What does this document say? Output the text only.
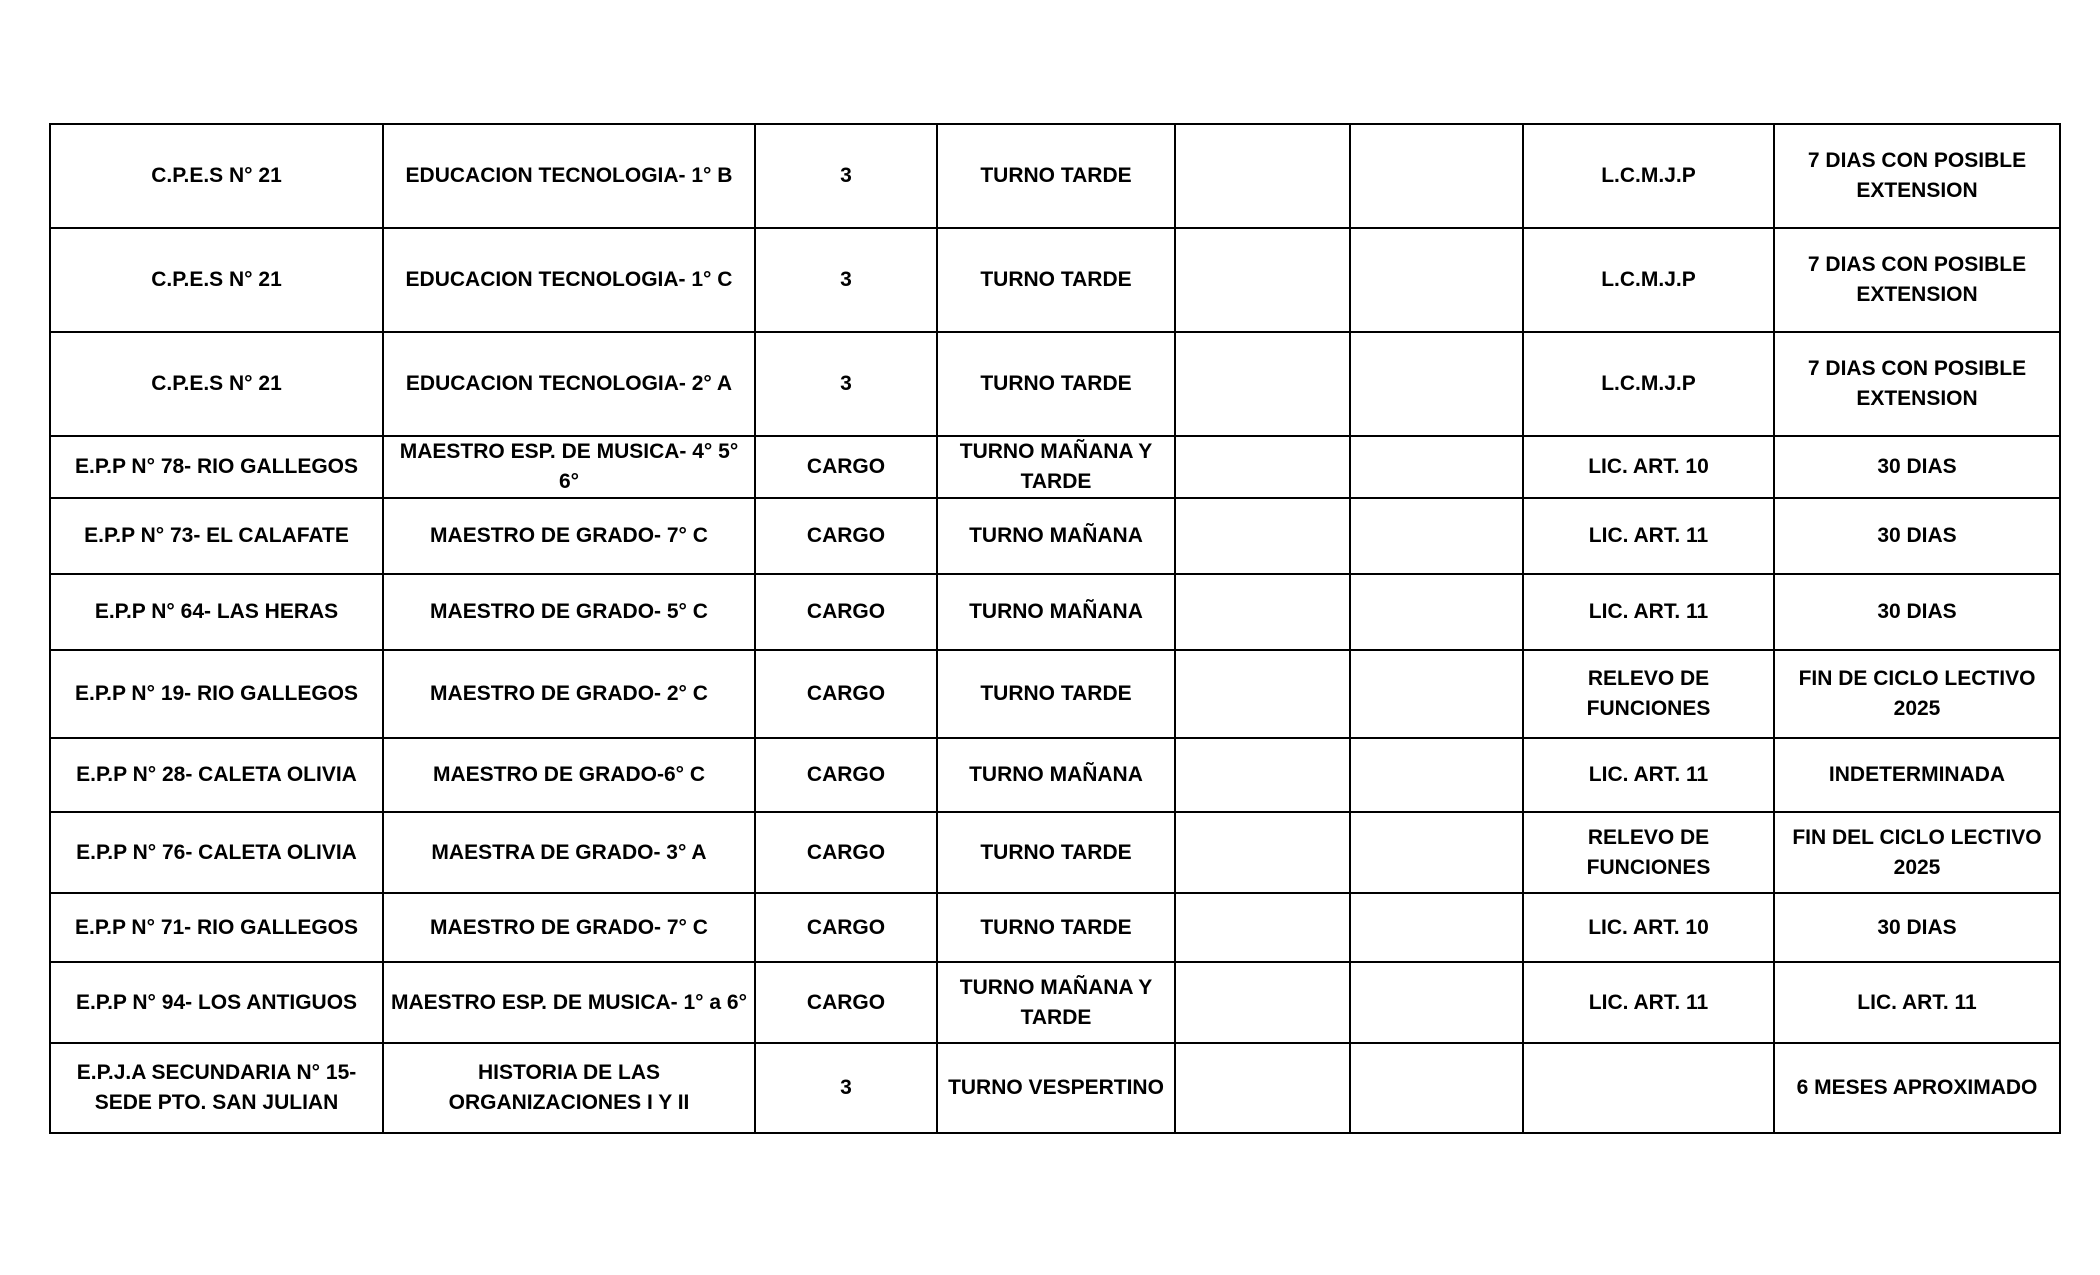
C.P.E.S N° 21	EDUCACION TECNOLOGIA- 1° B	3	TURNO TARDE			L.C.M.J.P	7 DIAS CON POSIBLE EXTENSION
C.P.E.S N° 21	EDUCACION TECNOLOGIA- 1° C	3	TURNO TARDE			L.C.M.J.P	7 DIAS CON POSIBLE EXTENSION
C.P.E.S N° 21	EDUCACION TECNOLOGIA- 2° A	3	TURNO TARDE			L.C.M.J.P	7 DIAS CON POSIBLE EXTENSION
E.P.P N° 78- RIO GALLEGOS	MAESTRO ESP. DE MUSICA- 4° 5° 6°	CARGO	TURNO MAÑANA Y TARDE			LIC. ART. 10	30 DIAS
E.P.P N° 73- EL CALAFATE	MAESTRO DE GRADO- 7° C	CARGO	TURNO MAÑANA			LIC. ART. 11	30 DIAS
E.P.P N° 64- LAS HERAS	MAESTRO DE GRADO- 5° C	CARGO	TURNO MAÑANA			LIC. ART. 11	30 DIAS
E.P.P N° 19- RIO GALLEGOS	MAESTRO DE GRADO- 2° C	CARGO	TURNO TARDE			RELEVO DE FUNCIONES	FIN DE CICLO LECTIVO 2025
E.P.P N° 28- CALETA OLIVIA	MAESTRO DE GRADO-6° C	CARGO	TURNO MAÑANA			LIC. ART. 11	INDETERMINADA
E.P.P N° 76- CALETA OLIVIA	MAESTRA DE GRADO- 3° A	CARGO	TURNO TARDE			RELEVO DE FUNCIONES	FIN DEL CICLO LECTIVO 2025
E.P.P N° 71- RIO GALLEGOS	MAESTRO DE GRADO- 7° C	CARGO	TURNO TARDE			LIC. ART. 10	30 DIAS
E.P.P N° 94- LOS ANTIGUOS	MAESTRO ESP. DE MUSICA- 1° a 6°	CARGO	TURNO MAÑANA Y TARDE			LIC. ART. 11	LIC. ART. 11
E.P.J.A SECUNDARIA N° 15- SEDE PTO. SAN JULIAN	HISTORIA DE LAS ORGANIZACIONES I Y II	3	TURNO VESPERTINO				6 MESES APROXIMADO
